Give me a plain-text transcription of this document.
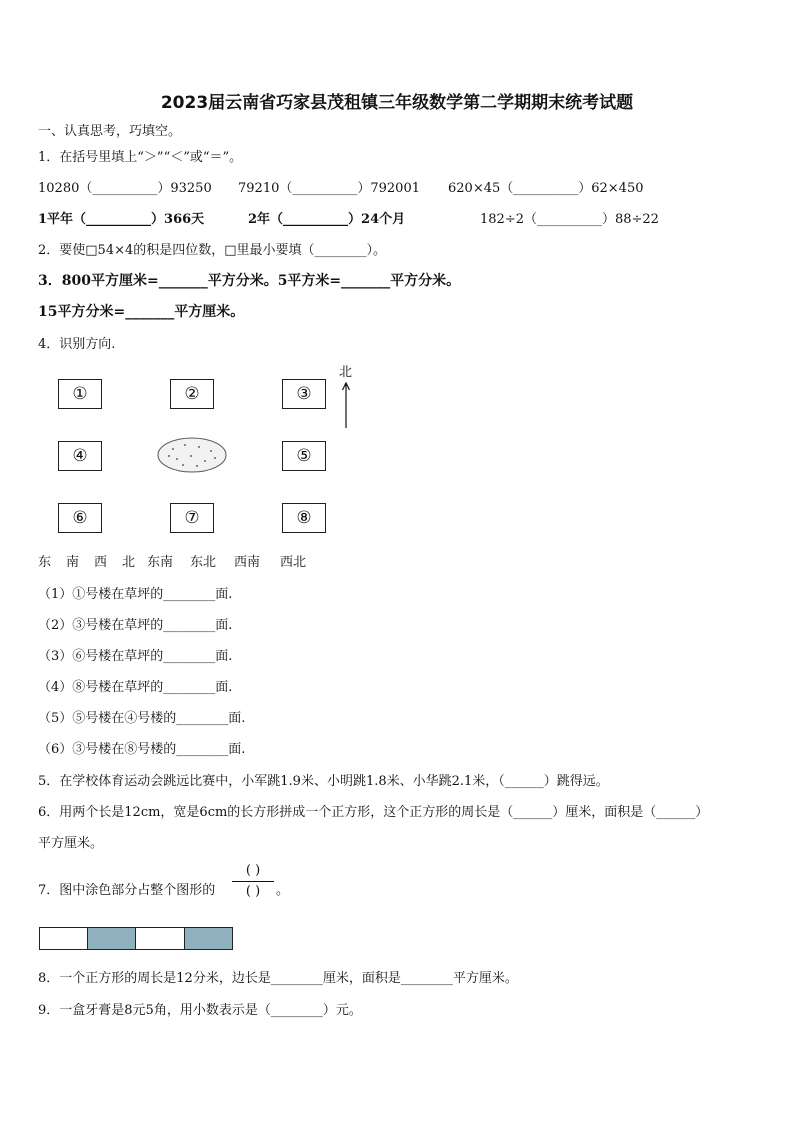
2023届云南省巧家县茂租镇三年级数学第二学期期末统考试题
一、认真思考，巧填空。
1．在括号里填上“＞”“＜”或“＝”。
10280（__________）93250 79210（__________）792001 620×45（__________）62×450
1平年（__________）366天	2年（__________）24个月	182÷2（__________）88÷22
2．要使□54×4的积是四位数，□里最小要填（________）。
3．800平方厘米=_______平方分米。5平方米=_______平方分米。
15平方分米=_______平方厘米。
4．识别方向.
①	②	③
④	⑤
⑥	⑦	⑧
北
东 南 西 北 东南 东北 西南 西北
（1）①号楼在草坪的________面.
（2）③号楼在草坪的________面.
（3）⑥号楼在草坪的________面.
（4）⑧号楼在草坪的________面.
（5）⑤号楼在④号楼的________面.
（6）③号楼在⑧号楼的________面.
5．在学校体育运动会跳远比赛中，小军跳1.9米、小明跳1.8米、小华跳2.1米，（______）跳得远。
6．用两个长是12cm，宽是6cm的长方形拼成一个正方形，这个正方形的周长是（______）厘米，面积是（______）
平方厘米。
7．图中涂色部分占整个图形的
( )
( )	。
8．一个正方形的周长是12分米，边长是________厘米，面积是________平方厘米。
9．一盒牙膏是8元5角，用小数表示是（________）元。
